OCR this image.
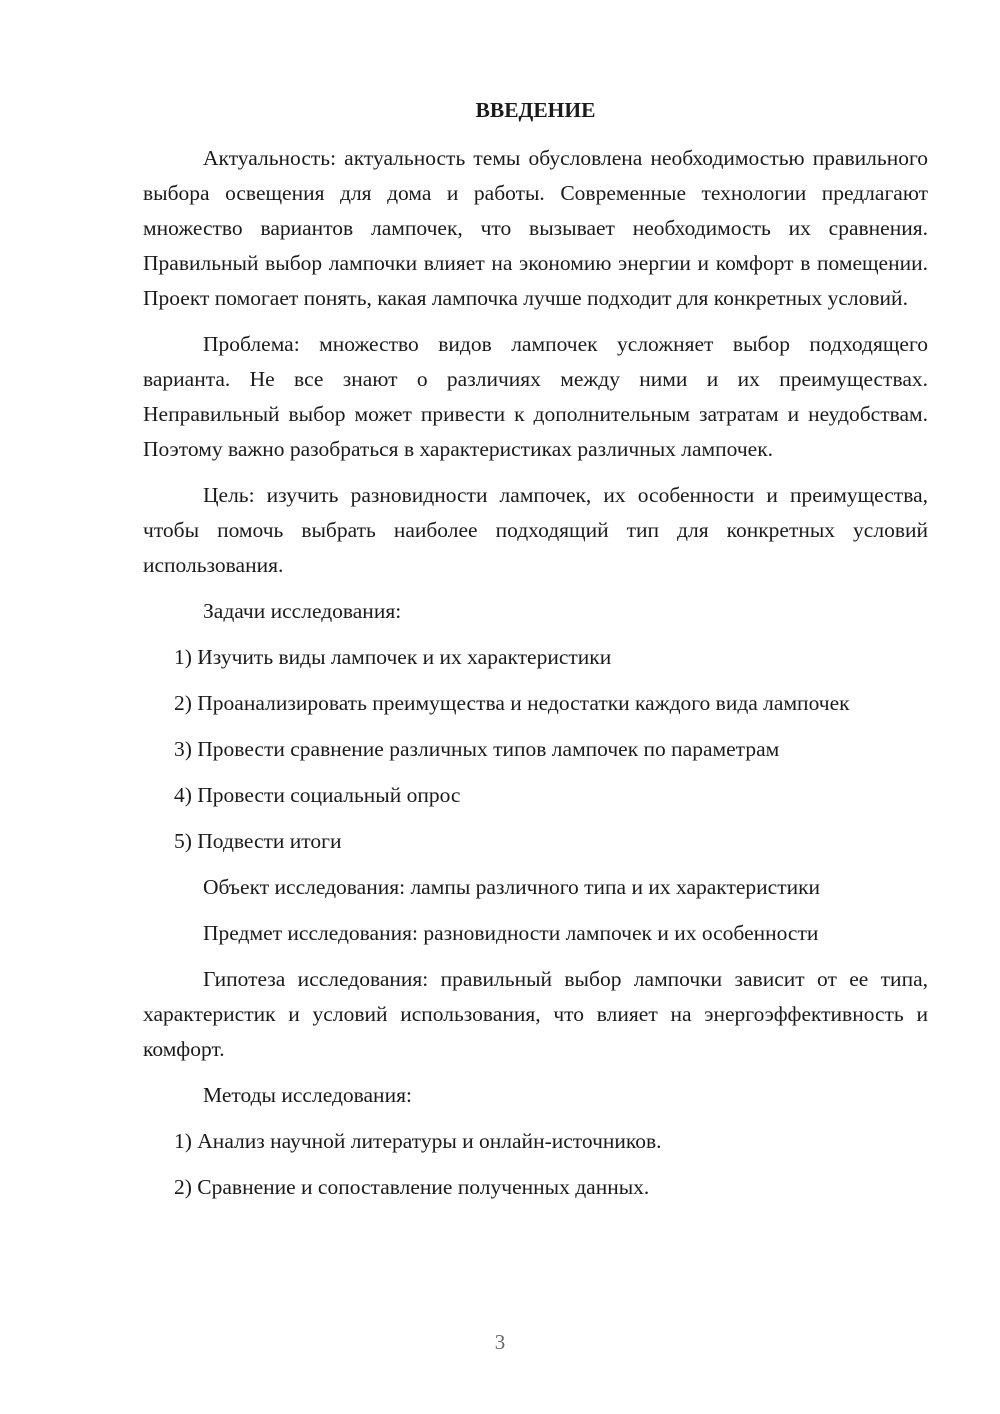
ВВЕДЕНИЕ

Актуальность: актуальность темы обусловлена необходимостью правильного выбора освещения для дома и работы. Современные технологии предлагают множество вариантов лампочек, что вызывает необходимость их сравнения. Правильный выбор лампочки влияет на экономию энергии и комфорт в помещении. Проект помогает понять, какая лампочка лучше подходит для конкретных условий.

Проблема: множество видов лампочек усложняет выбор подходящего варианта. Не все знают о различиях между ними и их преимуществах. Неправильный выбор может привести к дополнительным затратам и неудобствам. Поэтому важно разобраться в характеристиках различных лампочек.

Цель: изучить разновидности лампочек, их особенности и преимущества, чтобы помочь выбрать наиболее подходящий тип для конкретных условий использования.

Задачи исследования:

1) Изучить виды лампочек и их характеристики

2) Проанализировать преимущества и недостатки каждого вида лампочек

3) Провести сравнение различных типов лампочек по параметрам

4) Провести социальный опрос

5) Подвести итоги

Объект исследования: лампы различного типа и их характеристики

Предмет исследования: разновидности лампочек и их особенности

Гипотеза исследования: правильный выбор лампочки зависит от ее типа, характеристик и условий использования, что влияет на энергоэффективность и комфорт.

Методы исследования:

1) Анализ научной литературы и онлайн-источников.

2) Сравнение и сопоставление полученных данных.

3
